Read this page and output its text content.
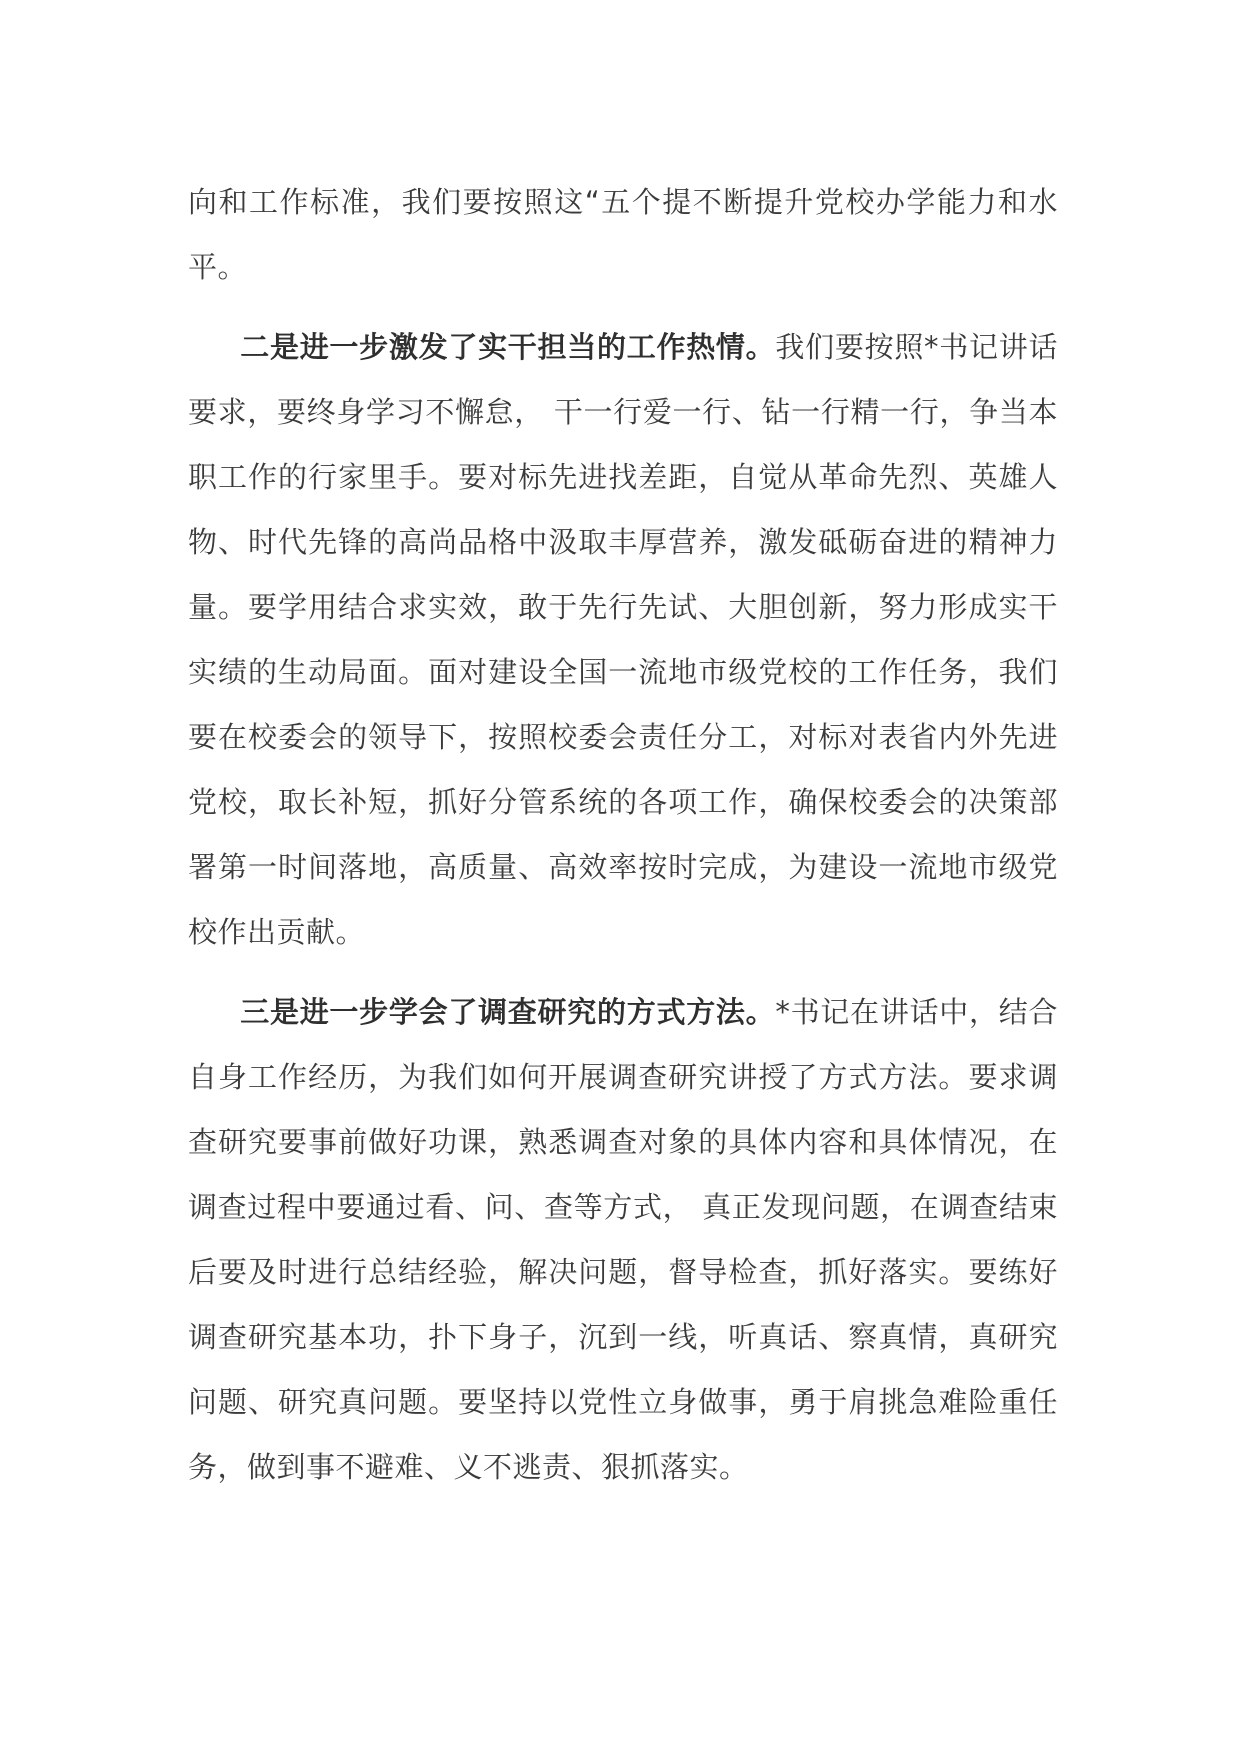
向和工作标准，我们要按照这“五个提不断提升党校办学能力和水平。

二是进一步激发了实干担当的工作热情。我们要按照*书记讲话要求，要终身学习不懈怠， 干一行爱一行、钻一行精一行，争当本职工作的行家里手。要对标先进找差距，自觉从革命先烈、英雄人物、时代先锋的高尚品格中汲取丰厚营养，激发砥砺奋进的精神力量。要学用结合求实效，敢于先行先试、大胆创新，努力形成实干实绩的生动局面。面对建设全国一流地市级党校的工作任务，我们要在校委会的领导下，按照校委会责任分工，对标对表省内外先进党校，取长补短，抓好分管系统的各项工作，确保校委会的决策部署第一时间落地，高质量、高效率按时完成，为建设一流地市级党校作出贡献。

三是进一步学会了调查研究的方式方法。*书记在讲话中，结合自身工作经历，为我们如何开展调查研究讲授了方式方法。要求调查研究要事前做好功课，熟悉调查对象的具体内容和具体情况，在调查过程中要通过看、问、查等方式， 真正发现问题，在调查结束后要及时进行总结经验，解决问题，督导检查，抓好落实。要练好调查研究基本功，扑下身子，沉到一线，听真话、察真情，真研究问题、研究真问题。要坚持以党性立身做事，勇于肩挑急难险重任务，做到事不避难、义不逃责、狠抓落实。
